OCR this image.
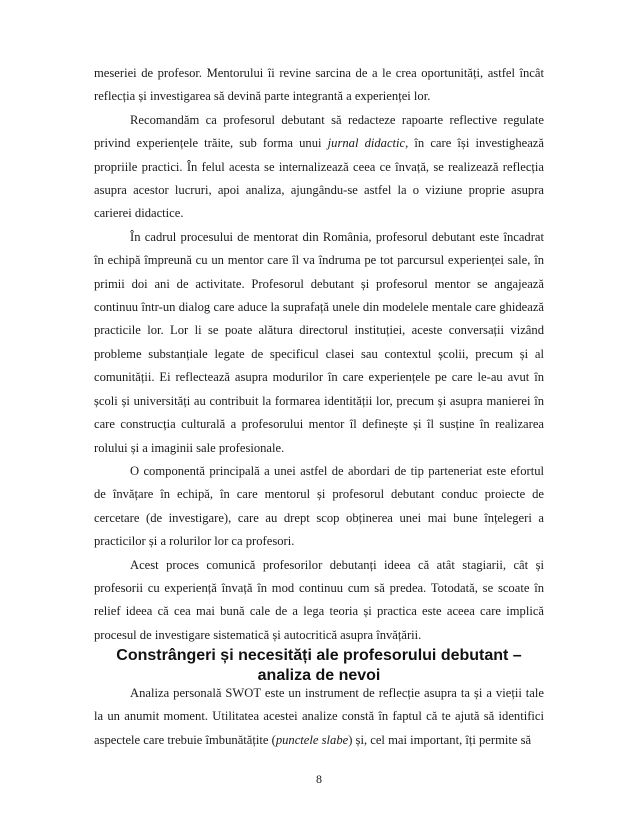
meseriei de profesor. Mentorului îi revine sarcina de a le crea oportunități, astfel încât reflecția și investigarea să devină parte integrantă a experienței lor.

Recomandăm ca profesorul debutant să redacteze rapoarte reflective regulate privind experiențele trăite, sub forma unui jurnal didactic, în care își investighează propriile practici. În felul acesta se internalizează ceea ce învață, se realizează reflecția asupra acestor lucruri, apoi analiza, ajungându-se astfel la o viziune proprie asupra carierei didactice.

În cadrul procesului de mentorat din România, profesorul debutant este încadrat în echipă împreună cu un mentor care îl va îndruma pe tot parcursul experienței sale, în primii doi ani de activitate. Profesorul debutant și profesorul mentor se angajează continuu într-un dialog care aduce la suprafață unele din modelele mentale care ghidează practicile lor. Lor li se poate alătura directorul instituției, aceste conversații vizând probleme substanțiale legate de specificul clasei sau contextul școlii, precum și al comunității. Ei reflectează asupra modurilor în care experiențele pe care le-au avut în școli și universități au contribuit la formarea identității lor, precum și asupra manierei în care construcția culturală a profesorului mentor îl definește și îl susține în realizarea rolului și a imaginii sale profesionale.

O componentă principală a unei astfel de abordari de tip parteneriat este efortul de învățare în echipă, în care mentorul și profesorul debutant conduc proiecte de cercetare (de investigare), care au drept scop obținerea unei mai bune înțelegeri a practicilor și a rolurilor lor ca profesori.

Acest proces comunică profesorilor debutanți ideea că atât stagiarii, cât și profesorii cu experiență învață în mod continuu cum să predea. Totodată, se scoate în relief ideea că cea mai bună cale de a lega teoria și practica este aceea care implică procesul de investigare sistematică și autocritică asupra învățării.

Constrângeri și necesități ale profesorului debutant –
analiza de nevoi

Analiza personală SWOT este un instrument de reflecție asupra ta și a vieții tale la un anumit moment. Utilitatea acestei analize constă în faptul că te ajută să identifici aspectele care trebuie îmbunătățite (punctele slabe) și, cel mai important, îți permite să

8
